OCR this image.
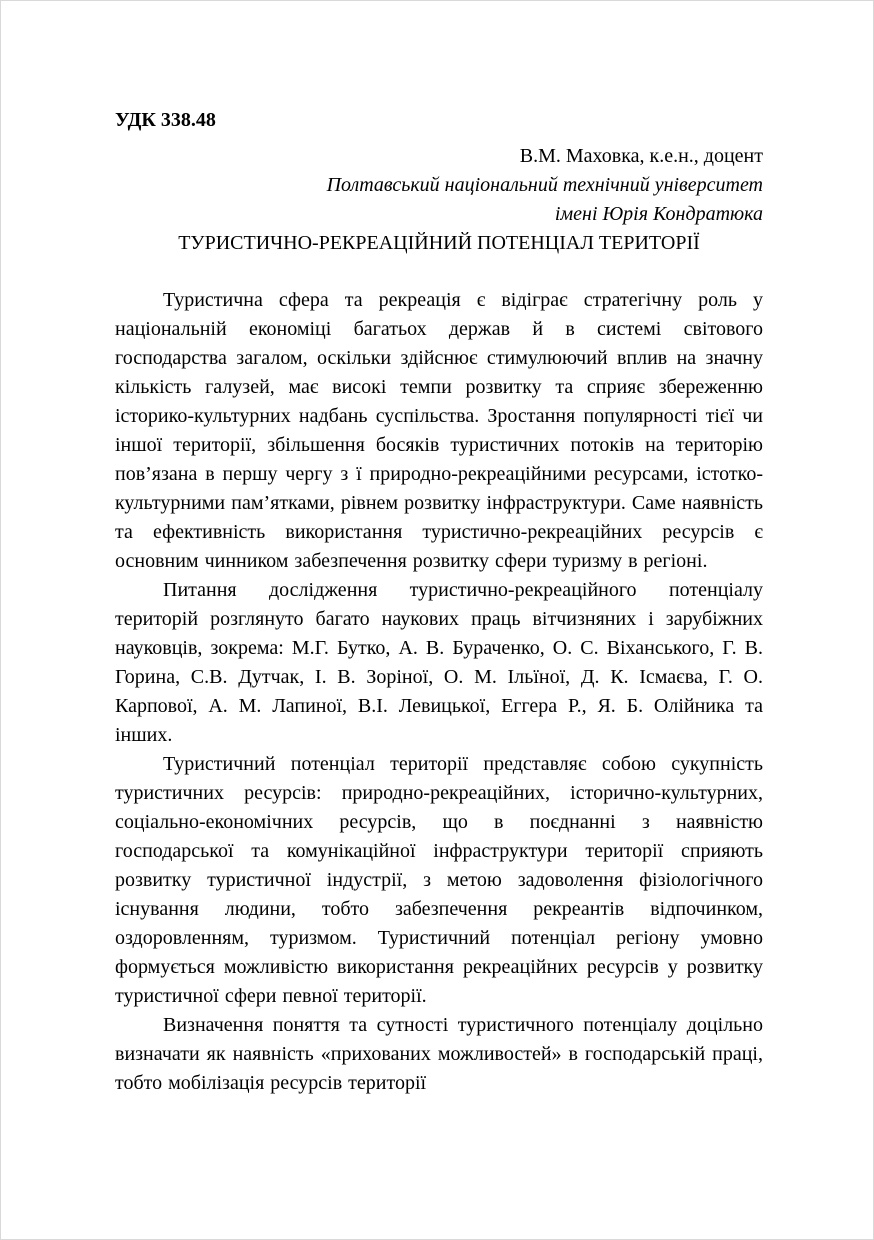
УДК 338.48

В.М. Маховка, к.е.н., доцент

Полтавський національний технічний університет

імені Юрія Кондратюка

ТУРИСТИЧНО-РЕКРЕАЦІЙНИЙ ПОТЕНЦІАЛ ТЕРИТОРІЇ

Туристична сфера та рекреація є відіграє стратегічну роль у національній економіці багатьох держав й в системі світового господарства загалом, оскільки здійснює стимулюючий вплив на значну кількість галузей, має високі темпи розвитку та сприяє збереженню історико-культурних надбань суспільства. Зростання популярності тієї чи іншої території, збільшення босяків туристичних потоків на територію пов’язана в першу чергу з ї природно-рекреаційними ресурсами, істотко-культурними пам’ятками, рівнем розвитку інфраструктури. Саме наявність та ефективність використання туристично-рекреаційних ресурсів є основним чинником забезпечення розвитку сфери туризму в регіоні.

Питання дослідження туристично-рекреаційного потенціалу територій розглянуто багато наукових праць вітчизняних і зарубіжних науковців, зокрема: М.Г. Бутко, А. В. Бураченко, О. С. Віханського, Г. В. Горина, С.В. Дутчак, І. В. Зоріної, О. М. Ільїної, Д. К. Ісмаєва, Г. О. Карпової, А. М. Лапиної, В.І. Левицької, Еггера Р., Я. Б. Олійника та інших.

Туристичний потенціал території представляє собою сукупність туристичних ресурсів: природно-рекреаційних, історично-культурних, соціально-економічних ресурсів, що в поєднанні з наявністю господарської та комунікаційної інфраструктури території сприяють розвитку туристичної індустрії, з метою задоволення фізіологічного існування людини, тобто забезпечення рекреантів відпочинком, оздоровленням, туризмом. Туристичний потенціал регіону умовно формується можливістю використання рекреаційних ресурсів у розвитку туристичної сфери певної території.

Визначення поняття та сутності туристичного потенціалу доцільно визначати як наявність «прихованих можливостей» в господарській праці, тобто мобілізація ресурсів території
